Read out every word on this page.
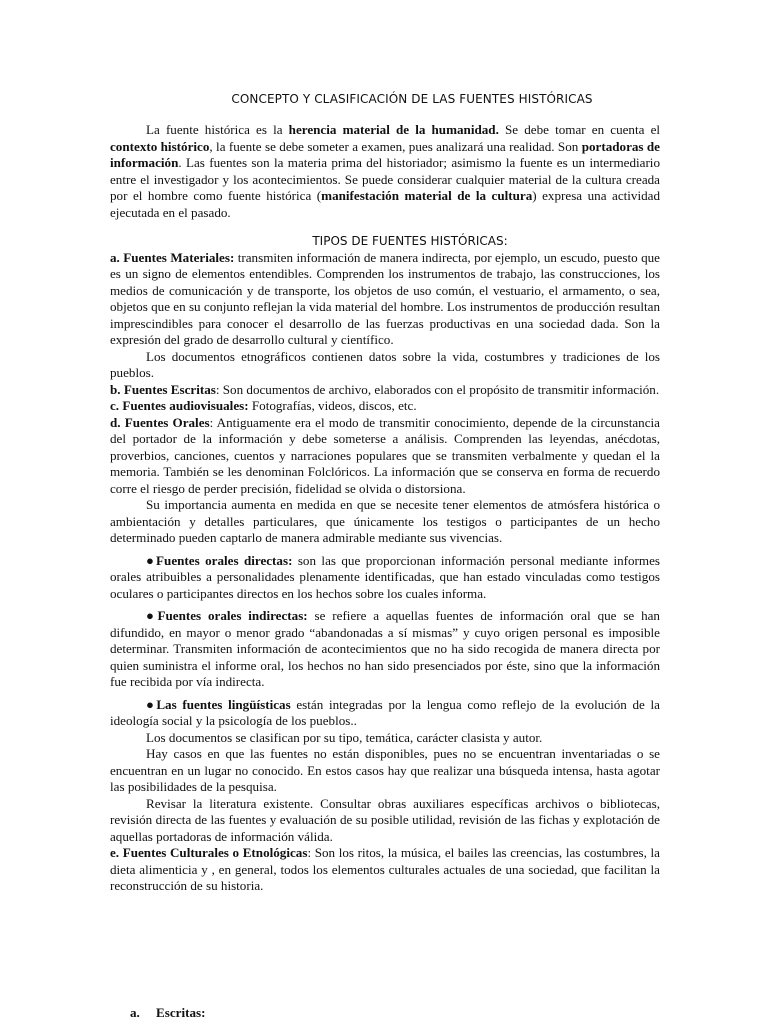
CONCEPTO Y CLASIFICACIÓN DE LAS FUENTES HISTÓRICAS

La fuente histórica es la herencia material de la humanidad. Se debe tomar en cuenta el contexto histórico, la fuente se debe someter a examen, pues analizará una realidad. Son portadoras de información. Las fuentes son la materia prima del historiador; asimismo la fuente es un intermediario entre el investigador y los acontecimientos. Se puede considerar cualquier material de la cultura creada por el hombre como fuente histórica (manifestación material de la cultura) expresa una actividad ejecutada en el pasado.

TIPOS DE FUENTES HISTÓRICAS:

a. Fuentes Materiales: transmiten información de manera indirecta, por ejemplo, un escudo, puesto que es un signo de elementos entendibles. Comprenden los instrumentos de trabajo, las construcciones, los medios de comunicación y de transporte, los objetos de uso común, el vestuario, el armamento, o sea, objetos que en su conjunto reflejan la vida material del hombre. Los instrumentos de producción resultan imprescindibles para conocer el desarrollo de las fuerzas productivas en una sociedad dada. Son la expresión del grado de desarrollo cultural y científico.

Los documentos etnográficos contienen datos sobre la vida, costumbres y tradiciones de los pueblos.

b. Fuentes Escritas: Son documentos de archivo, elaborados con el propósito de transmitir información.

c. Fuentes audiovisuales: Fotografías, videos, discos, etc.

d. Fuentes Orales: Antiguamente era el modo de transmitir conocimiento, depende de la circunstancia del portador de la información y debe someterse a análisis. Comprenden las leyendas, anécdotas, proverbios, canciones, cuentos y narraciones populares que se transmiten verbalmente y quedan el la memoria. También se les denominan Folclóricos. La información que se conserva en forma de recuerdo corre el riesgo de perder precisión, fidelidad se olvida o distorsiona.

Su importancia aumenta en medida en que se necesite tener elementos de atmósfera histórica o ambientación y detalles particulares, que únicamente los testigos o participantes de un hecho determinado pueden captarlo de manera admirable mediante sus vivencias.

●Fuentes orales directas: son las que proporcionan información personal mediante informes orales atribuibles a personalidades plenamente identificadas, que han estado vinculadas como testigos oculares o participantes directos en los hechos sobre los cuales informa.

●Fuentes orales indirectas: se refiere a aquellas fuentes de información oral que se han difundido, en mayor o menor grado “abandonadas a sí mismas” y cuyo origen personal es imposible determinar. Transmiten información de acontecimientos que no ha sido recogida de manera directa por quien suministra el informe oral, los hechos no han sido presenciados por éste, sino que la información fue recibida por vía indirecta.

●Las fuentes lingüísticas están integradas por la lengua como reflejo de la evolución de la ideología social y la psicología de los pueblos..

Los documentos se clasifican por su tipo, temática, carácter clasista y autor.

Hay casos en que las fuentes no están disponibles, pues no se encuentran inventariadas o se encuentran en un lugar no conocido. En estos casos hay que realizar una búsqueda intensa, hasta agotar las posibilidades de la pesquisa.

Revisar la literatura existente. Consultar obras auxiliares específicas archivos o bibliotecas, revisión directa de las fuentes y evaluación de su posible utilidad, revisión de las fichas y explotación de aquellas portadoras de información válida.

e. Fuentes Culturales o Etnológicas: Son los ritos, la música, el bailes las creencias, las costumbres, la dieta alimenticia y , en general, todos los elementos culturales actuales de una sociedad, que facilitan la reconstrucción de su historia.

a. Escritas:
